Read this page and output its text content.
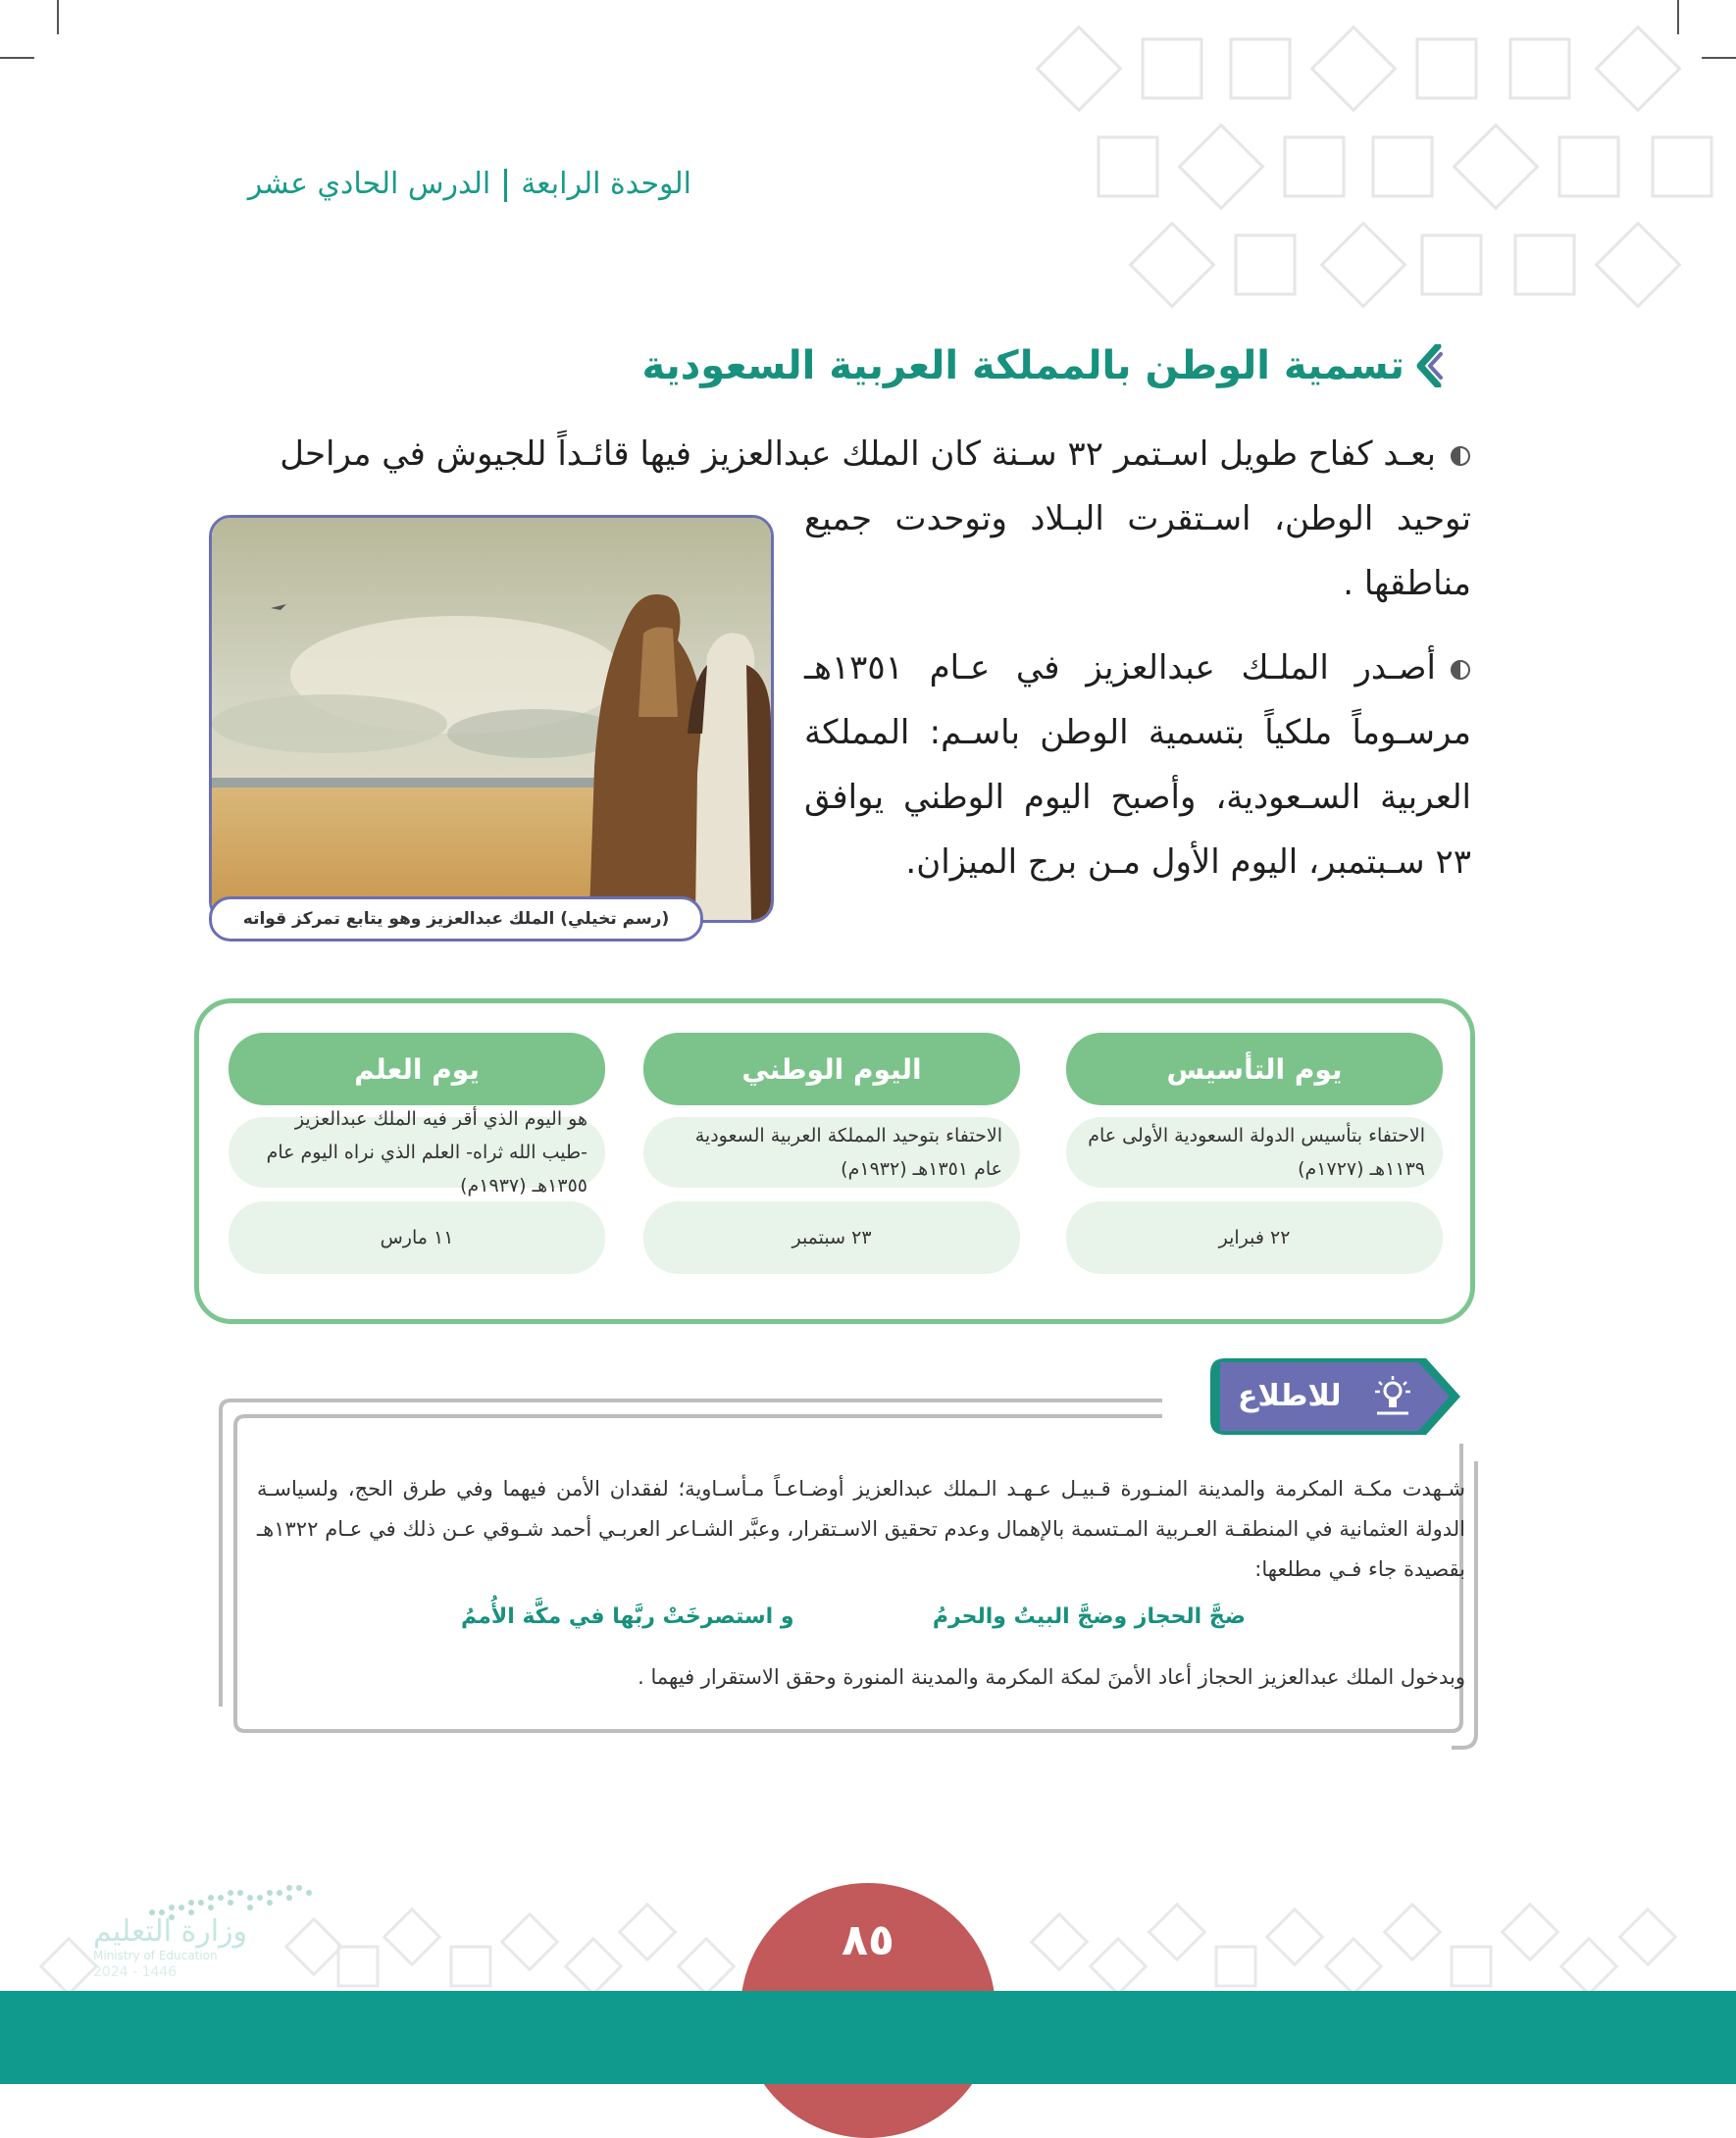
الوحدة الرابعةالدرس الحادي عشر
تسمية الوطن بالمملكة العربية السعودية
بعـد كفاح طويل اسـتمر ٣٢ سـنة كان الملك عبدالعزيز فيها قائـداً للجيوش في مراحل
توحيد الوطن، اسـتقرت البـلاد وتوحدت جميع مناطقها .
أصـدر الملـك عبدالعزيز في عـام ١٣٥١هـ مرسـوماً ملكياً بتسمية الوطن باسـم: المملكة العربية السـعودية، وأصبح اليوم الوطني يوافق ٢٣ سـبتمبر، اليوم الأول مـن برج الميزان.
(رسم تخيلي) الملك عبدالعزيز وهو يتابع تمركز قواته
يوم التأسيس
الاحتفاء بتأسيس الدولة السعودية الأولى عام ١١٣٩هـ (١٧٢٧م)
٢٢ فبراير
اليوم الوطني
الاحتفاء بتوحيد المملكة العربية السعودية عام ١٣٥١هـ (١٩٣٢م)
٢٣ سبتمبر
يوم العلم
هو اليوم الذي أقر فيه الملك عبدالعزيز -طيب الله ثراه- العلم الذي نراه اليوم عام ١٣٥٥هـ (١٩٣٧م)
١١ مارس
للاطلاع
شـهدت مكـة المكرمة والمدينة المنـورة قـبيـل عـهـد الـملك عبدالعزيز أوضـاعـاً مـأسـاوية؛ لفقدان الأمن فيهما وفي طرق الحج، ولسياسـة الدولة العثمانية في المنطقـة العـربية المـتسمة بالإهمال وعدم تحقيق الاسـتقرار، وعبَّر الشـاعر العربـي أحمد شـوقي عـن ذلك في عـام ١٣٢٢هـ بقصيدة جاء فـي مطلعها:
ضجَّ الحجاز وضجَّ البيتُ والحرمُ
و استصرخَتْ ربَّها في مكَّة الأُممُ
وبدخول الملك عبدالعزيز الحجاز أعاد الأمنَ لمكة المكرمة والمدينة المنورة وحقق الاستقرار فيهما .
٨٥
وزارة التعليم
Ministry of Education
2024 - 1446
